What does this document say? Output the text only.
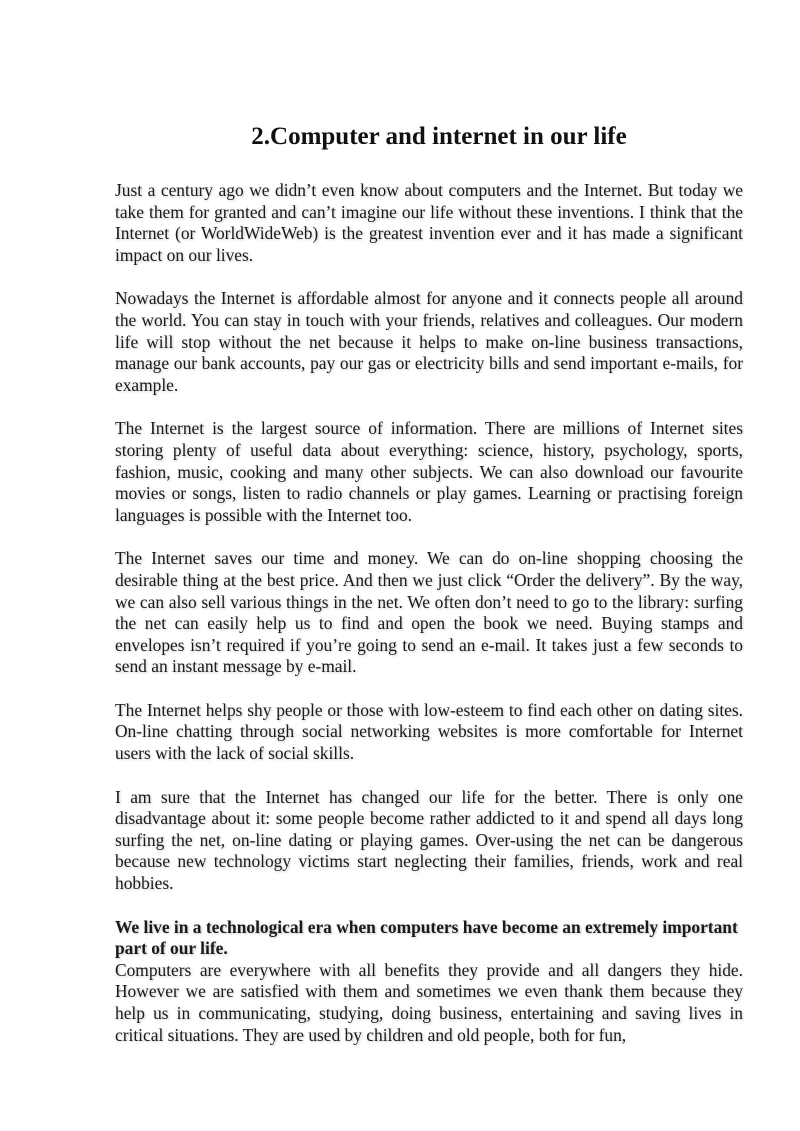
2.Computer and internet in our life

Just a century ago we didn’t even know about computers and the Internet. But today we take them for granted and can’t imagine our life without these inventions. I think that the Internet (or WorldWideWeb) is the greatest invention ever and it has made a significant impact on our lives.

Nowadays the Internet is affordable almost for anyone and it connects people all around the world. You can stay in touch with your friends, relatives and colleagues. Our modern life will stop without the net because it helps to make on-line business transactions, manage our bank accounts, pay our gas or electricity bills and send important e-mails, for example.

The Internet is the largest source of information. There are millions of Internet sites storing plenty of useful data about everything: science, history, psychology, sports, fashion, music, cooking and many other subjects. We can also download our favourite movies or songs, listen to radio channels or play games. Learning or practising foreign languages is possible with the Internet too.

The Internet saves our time and money. We can do on-line shopping choosing the desirable thing at the best price. And then we just click “Order the delivery”. By the way, we can also sell various things in the net. We often don’t need to go to the library: surfing the net can easily help us to find and open the book we need. Buying stamps and envelopes isn’t required if you’re going to send an e-mail. It takes just a few seconds to send an instant message by e-mail.

The Internet helps shy people or those with low-esteem to find each other on dating sites. On-line chatting through social networking websites is more comfortable for Internet users with the lack of social skills.

I am sure that the Internet has changed our life for the better. There is only one disadvantage about it: some people become rather addicted to it and spend all days long surfing the net, on-line dating or playing games. Over-using the net can be dangerous because new technology victims start neglecting their families, friends, work and real hobbies.

We live in a technological era when computers have become an extremely important part of our life.

Computers are everywhere with all benefits they provide and all dangers they hide. However we are satisfied with them and sometimes we even thank them because they help us in communicating, studying, doing business, entertaining and saving lives in critical situations. They are used by children and old people, both for fun,
